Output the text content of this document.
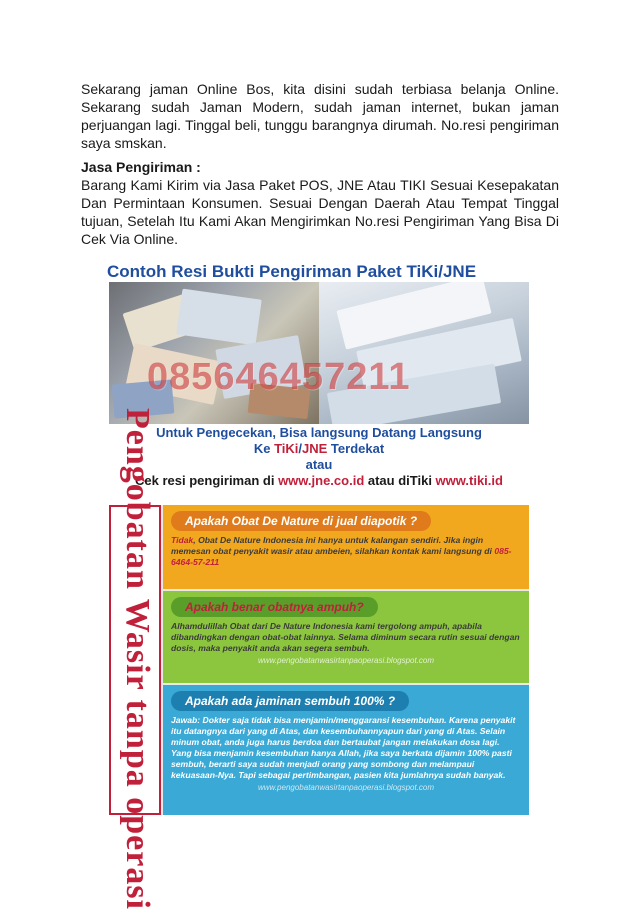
Sekarang jaman Online Bos, kita disini sudah terbiasa belanja Online. Sekarang sudah Jaman Modern, sudah jaman internet, bukan jaman perjuangan lagi. Tinggal beli, tunggu barangnya dirumah. No.resi pengiriman saya smskan.

Jasa Pengiriman :
Barang Kami Kirim via Jasa Paket POS, JNE Atau TIKI Sesuai Kesepakatan Dan Permintaan Konsumen. Sesuai Dengan Daerah Atau Tempat Tinggal tujuan, Setelah Itu Kami Akan Mengirimkan No.resi Pengiriman Yang Bisa Di Cek Via Online.

Contoh Resi Bukti Pengiriman Paket TiKi/JNE
085646457211
Untuk Pengecekan, Bisa langsung Datang Langsung
Ke TiKi/JNE Terdekat
atau
Cek resi pengiriman di www.jne.co.id atau diTiki www.tiki.id
Pengobatan Wasir tanpa operasi	Apakah Obat De Nature di jual diapotik ?

Tidak, Obat De Nature Indonesia ini hanya untuk kalangan sendiri. Jika ingin memesan obat penyakit wasir atau ambeien, silahkan kontak kami langsung di 085-6464-57-211

Apakah benar obatnya ampuh?

Alhamdulillah Obat dari De Nature Indonesia kami tergolong ampuh, apabila dibandingkan dengan obat-obat lainnya. Selama diminum secara rutin sesuai dengan dosis, maka penyakit anda akan segera sembuh.

www.pengobatanwasirtanpaoperasi.blogspot.com
Apakah ada jaminan sembuh 100% ?

Jawab: Dokter saja tidak bisa menjamin/menggaransi kesembuhan. Karena penyakit itu datangnya dari yang di Atas, dan kesembuhannyapun dari yang di Atas. Selain minum obat, anda juga harus berdoa dan bertaubat jangan melakukan dosa lagi. Yang bisa menjamin kesembuhan hanya Allah, jika saya berkata dijamin 100% pasti sembuh, berarti saya sudah menjadi orang yang sombong dan melampaui kekuasaan-Nya. Tapi sebagai pertimbangan, pasien kita jumlahnya sudah banyak.

www.pengobatanwasirtanpaoperasi.blogspot.com
